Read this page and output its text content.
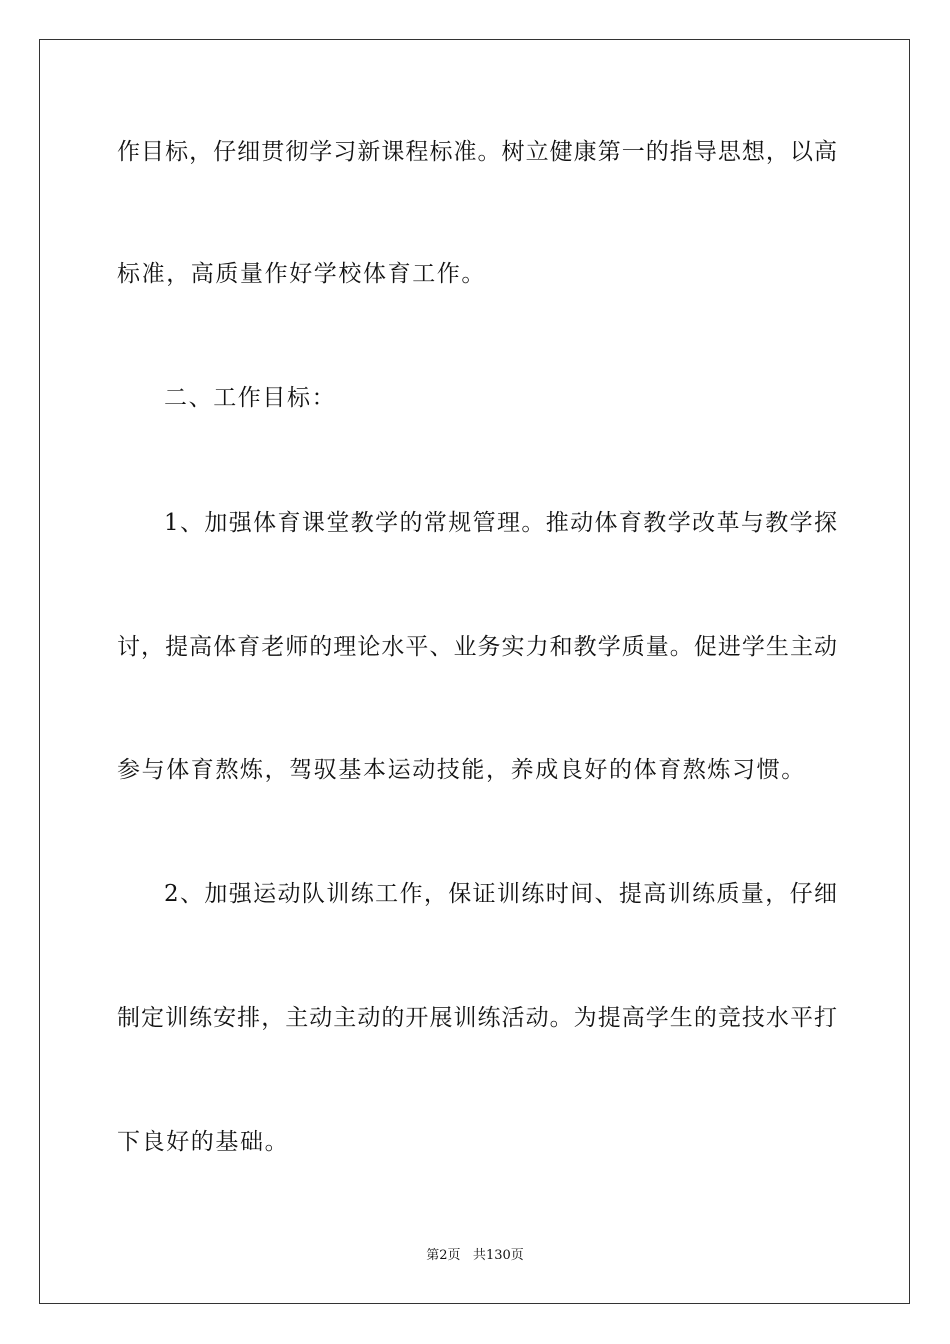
作目标，仔细贯彻学习新课程标准。树立健康第一的指导思想，以高
标准，高质量作好学校体育工作。
二、工作目标：
1、加强体育课堂教学的常规管理。推动体育教学改革与教学探
讨，提高体育老师的理论水平、业务实力和教学质量。促进学生主动
参与体育熬炼，驾驭基本运动技能，养成良好的体育熬炼习惯。
2、加强运动队训练工作，保证训练时间、提高训练质量，仔细
制定训练安排，主动主动的开展训练活动。为提高学生的竞技水平打
下良好的基础。
第2页 共130页
